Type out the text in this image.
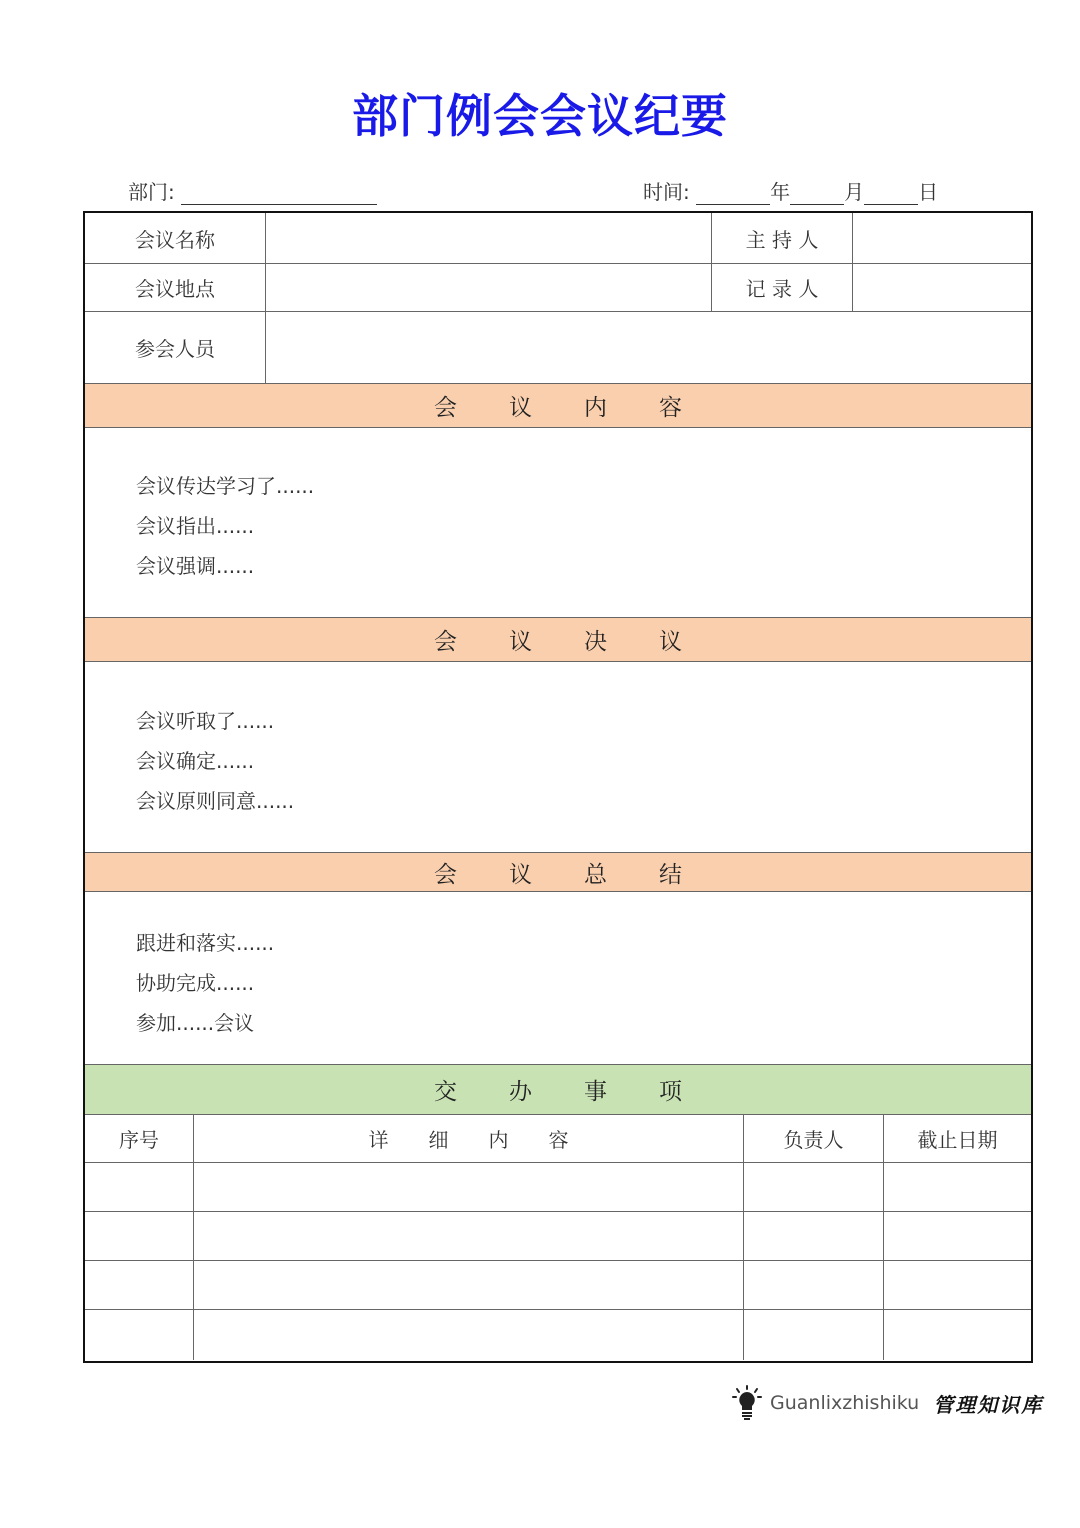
部门例会会议纪要
部门:	时间:	年	月	日
会议名称	主 持 人
会议地点	记 录 人
参会人员
会 议 内 容
会议传达学习了......
会议指出......
会议强调......
会 议 决 议
会议听取了......
会议确定......
会议原则同意......
会 议 总 结
跟进和落实......
协助完成......
参加......会议
交 办 事 项
序号	详　　细　　内　　容	负责人	截止日期
Guanlixzhishiku 管理知识库
